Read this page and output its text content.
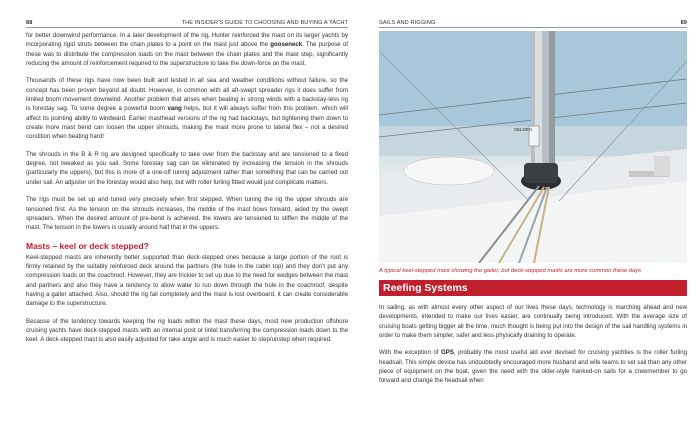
88	THE INSIDER'S GUIDE TO CHOOSING AND BUYING A YACHT

for better downwind performance. In a later development of the rig, Hunter reinforced the mast on its larger yachts by incorporating rigid struts between the chain plates to a point on the mast just above the gooseneck. The purpose of these was to distribute the compression loads on the mast between the chain plates and the mast step, significantly reducing the amount of reinforcement required to the superstructure to take the down-force on the mast.

Thousands of these rigs have now been built and tested in all sea and weather conditions without failure, so the concept has been proven beyond all doubt. However, in common with all aft-swept spreader rigs it does suffer from limited boom movement downwind. Another problem that arises when beating in strong winds with a backstay-less rig is forestay sag. To some degree a powerful boom vang helps, but it will always suffer from this problem, which will affect its pointing ability to windward. Earlier masthead versions of the rig had backstays, but tightening them down to create more mast bend can loosen the upper shrouds, making the mast more prone to lateral flex – not a desired condition when beating hard!

The shrouds in the B & R rig are designed specifically to take over from the backstay and are tensioned to a fixed degree, not tweaked as you sail. Some forestay sag can be eliminated by increasing the tension in the shrouds (particularly the uppers), but this is more of a one-off tuning adjustment rather than something that can be carried out under sail. An adjuster on the forestay would also help, but with roller furling fitted would just complicate matters.

The rigs must be set up and tuned very precisely when first stepped. When tuning the rig the upper shrouds are tensioned first. As the tension on the shrouds increases, the middle of the mast bows forward, aided by the swept spreaders. When the desired amount of pre-bend is achieved, the lowers are tensioned to stiffen the middle of the mast. The tension in the lowers is usually around half that in the uppers.

Masts – keel or deck stepped?

Keel-stepped masts are inherently better supported than deck-stepped ones because a large portion of the root is firmly retained by the suitably reinforced deck around the partners (the hole in the cabin top) and they don't put any compression loads on the coachroof. However, they are trickier to set up due to the need for wedges between the mast and partners and also they have a tendency to allow water to run down through the hole in the coachroof, despite having a gaiter attached. Also, should the rig fail completely and the mast is lost overboard, it can create considerable damage to the superstructure.

Because of the tendency towards keeping the rig loads within the mast these days, most new production offshore cruising yachts have deck-stepped masts with an internal post or lintel transferring the compression loads down to the keel. A deck-stepped mast is also easily adjusted for rake angle and is much easier to step/unstep when required.

SAILS AND RIGGING	89
SELDEN
A typical keel-stepped mast showing the gaiter, but deck-stepped masts are more common these days
Reefing Systems

In sailing, as with almost every other aspect of our lives these days, technology is marching ahead and new developments, intended to make our lives easier, are continually being introduced. With the average size of cruising boats getting bigger all the time, much thought is being put into the design of the sail handling systems in order to make them simpler, safer and less physically draining to operate.

With the exception of GPS, probably the most useful aid ever devised for cruising yachties is the roller furling headsail. This simple device has undoubtedly encouraged more husband and wife teams to set sail than any other piece of equipment on the boat, given the need with the older-style hanked-on sails for a crewmember to go forward and change the headsail when
